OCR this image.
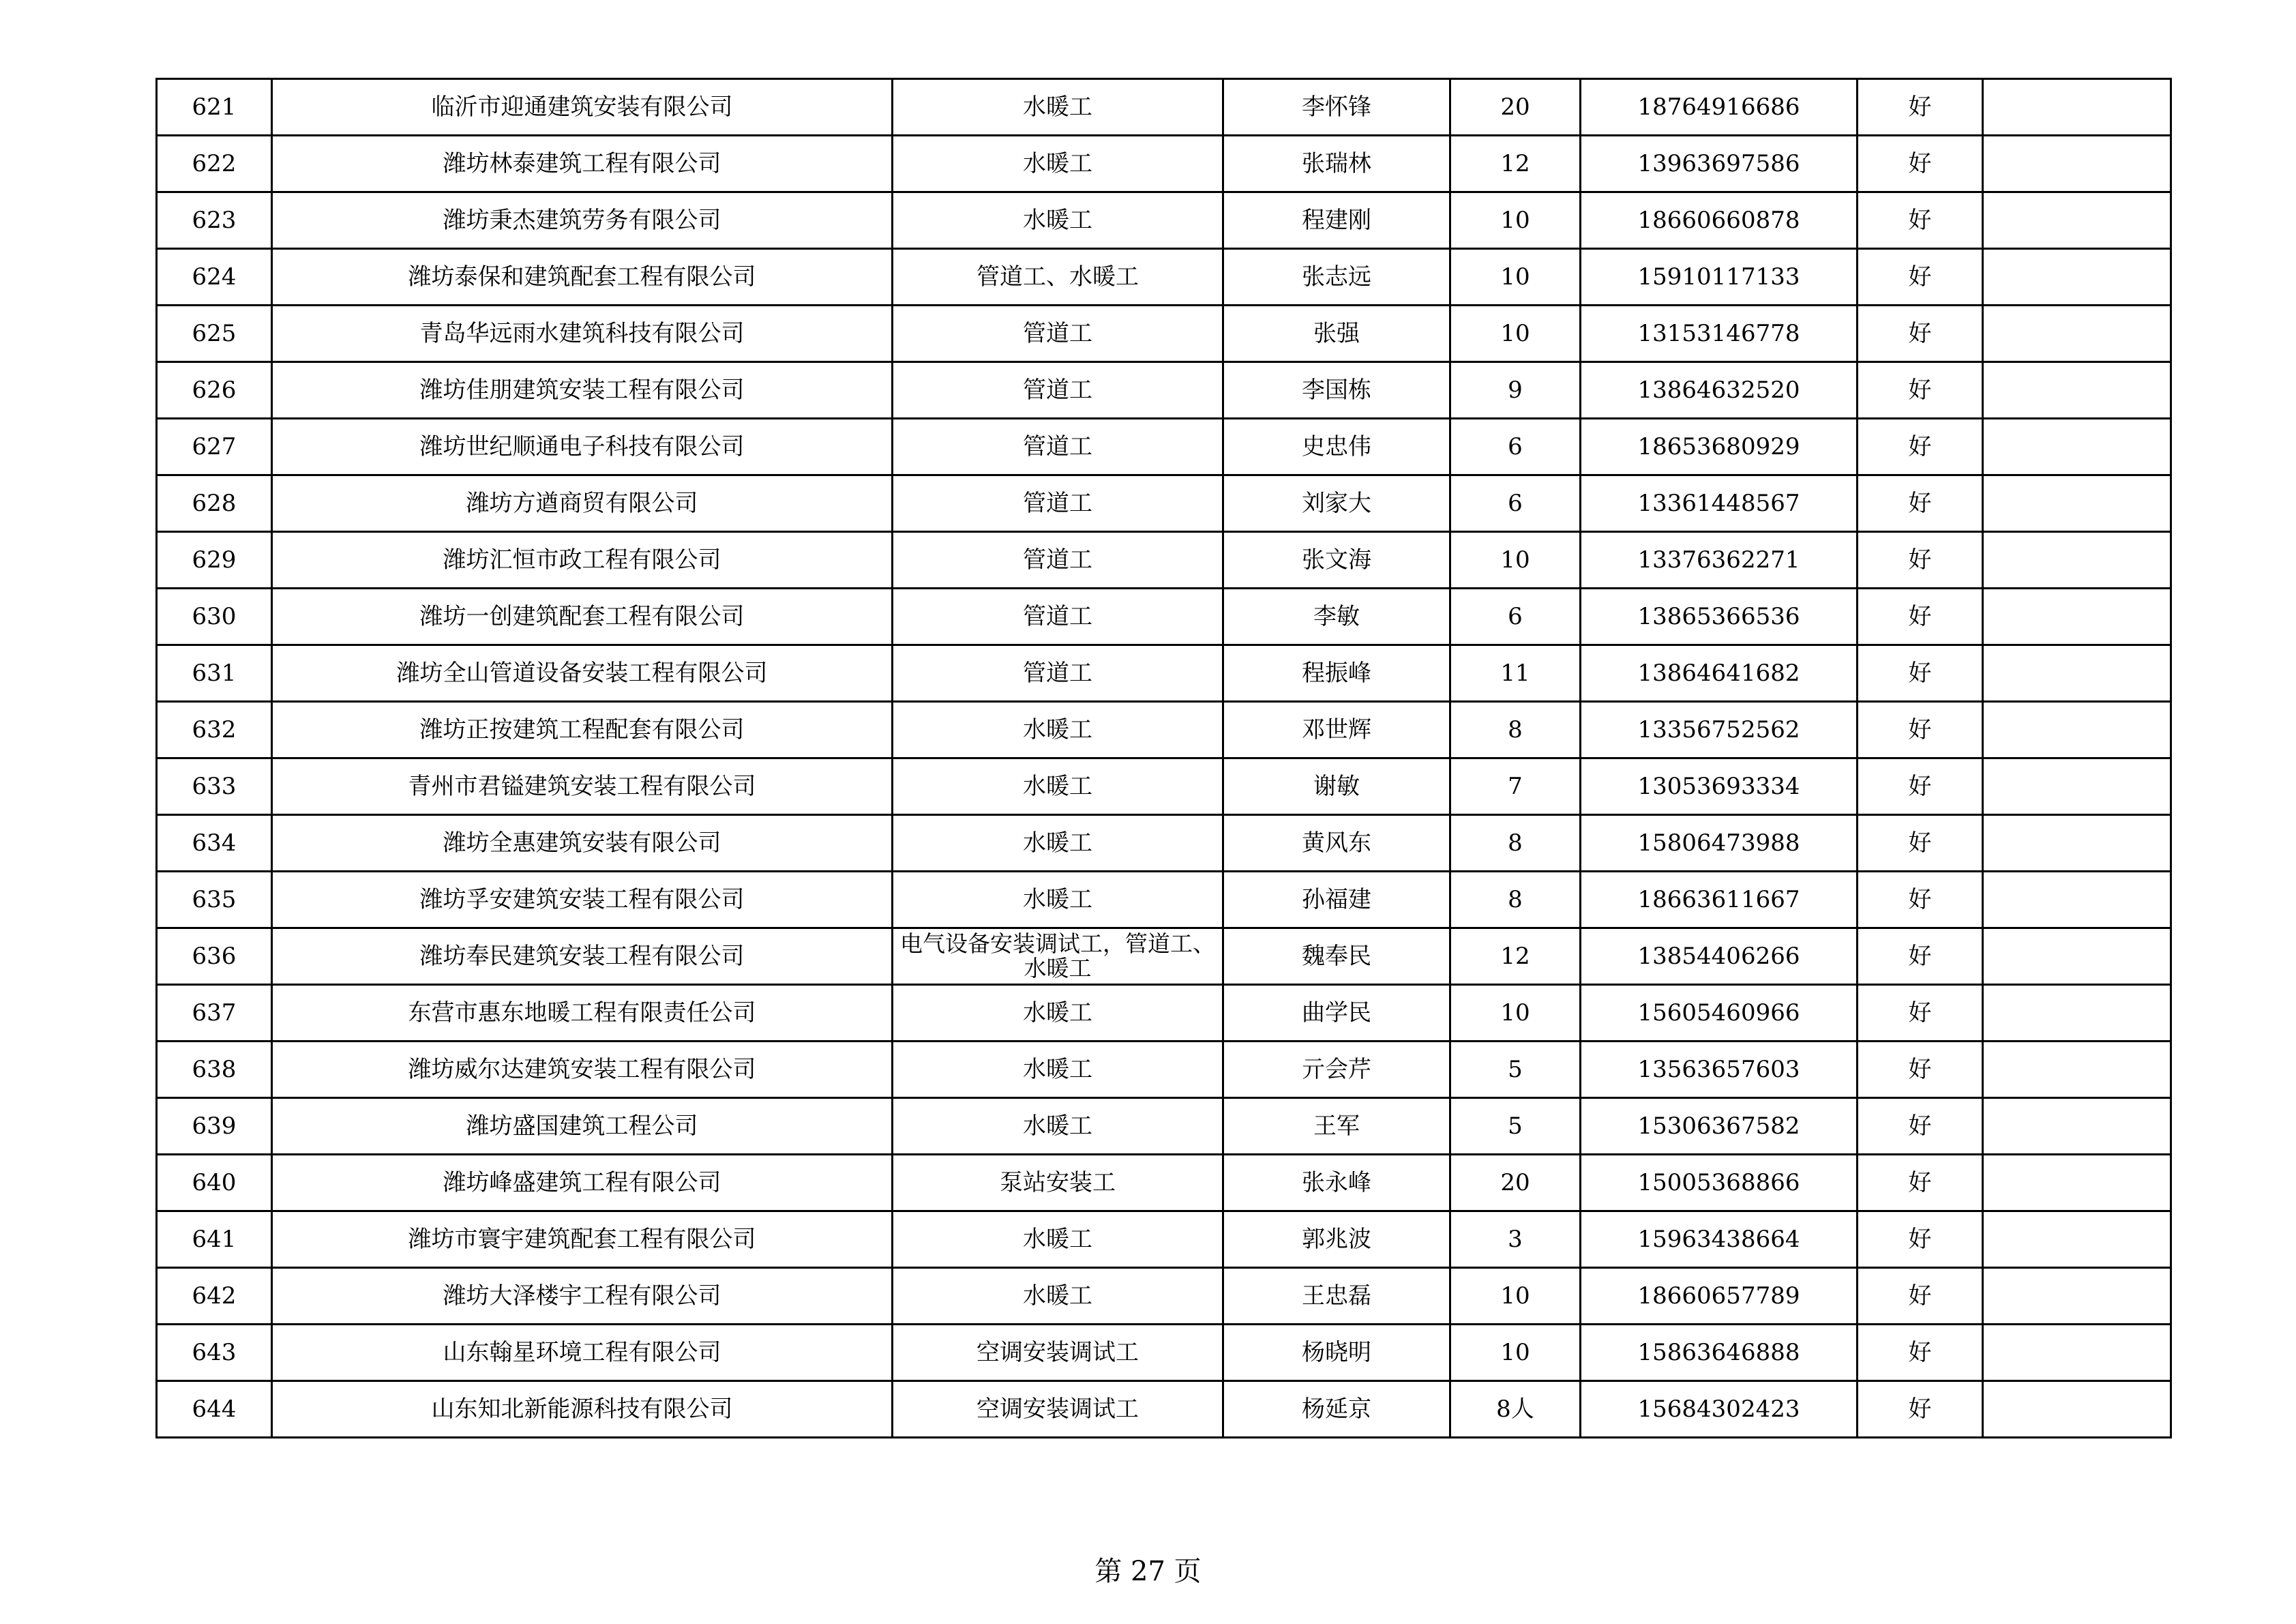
621	临沂市迎通建筑安装有限公司	水暖工	李怀锋	20	18764916686	好	
622	潍坊林泰建筑工程有限公司	水暖工	张瑞林	12	13963697586	好	
623	潍坊秉杰建筑劳务有限公司	水暖工	程建刚	10	18660660878	好	
624	潍坊泰保和建筑配套工程有限公司	管道工、水暖工	张志远	10	15910117133	好	
625	青岛华远雨水建筑科技有限公司	管道工	张强	10	13153146778	好	
626	潍坊佳朋建筑安装工程有限公司	管道工	李国栋	9	13864632520	好	
627	潍坊世纪顺通电子科技有限公司	管道工	史忠伟	6	18653680929	好	
628	潍坊方遒商贸有限公司	管道工	刘家大	6	13361448567	好	
629	潍坊汇恒市政工程有限公司	管道工	张文海	10	13376362271	好	
630	潍坊一创建筑配套工程有限公司	管道工	李敏	6	13865366536	好	
631	潍坊全山管道设备安装工程有限公司	管道工	程振峰	11	13864641682	好	
632	潍坊正按建筑工程配套有限公司	水暖工	邓世辉	8	13356752562	好	
633	青州市君镒建筑安装工程有限公司	水暖工	谢敏	7	13053693334	好	
634	潍坊全惠建筑安装有限公司	水暖工	黄风东	8	15806473988	好	
635	潍坊孚安建筑安装工程有限公司	水暖工	孙福建	8	18663611667	好	
636	潍坊奉民建筑安装工程有限公司	电气设备安装调试工，管道工、水暖工	魏奉民	12	13854406266	好	
637	东营市惠东地暖工程有限责任公司	水暖工	曲学民	10	15605460966	好	
638	潍坊威尔达建筑安装工程有限公司	水暖工	亓会芹	5	13563657603	好	
639	潍坊盛国建筑工程公司	水暖工	王军	5	15306367582	好	
640	潍坊峰盛建筑工程有限公司	泵站安装工	张永峰	20	15005368866	好	
641	潍坊市寰宇建筑配套工程有限公司	水暖工	郭兆波	3	15963438664	好	
642	潍坊大泽楼宇工程有限公司	水暖工	王忠磊	10	18660657789	好	
643	山东翰星环境工程有限公司	空调安装调试工	杨晓明	10	15863646888	好	
644	山东知北新能源科技有限公司	空调安装调试工	杨延京	8人	15684302423	好	
第 27 页
